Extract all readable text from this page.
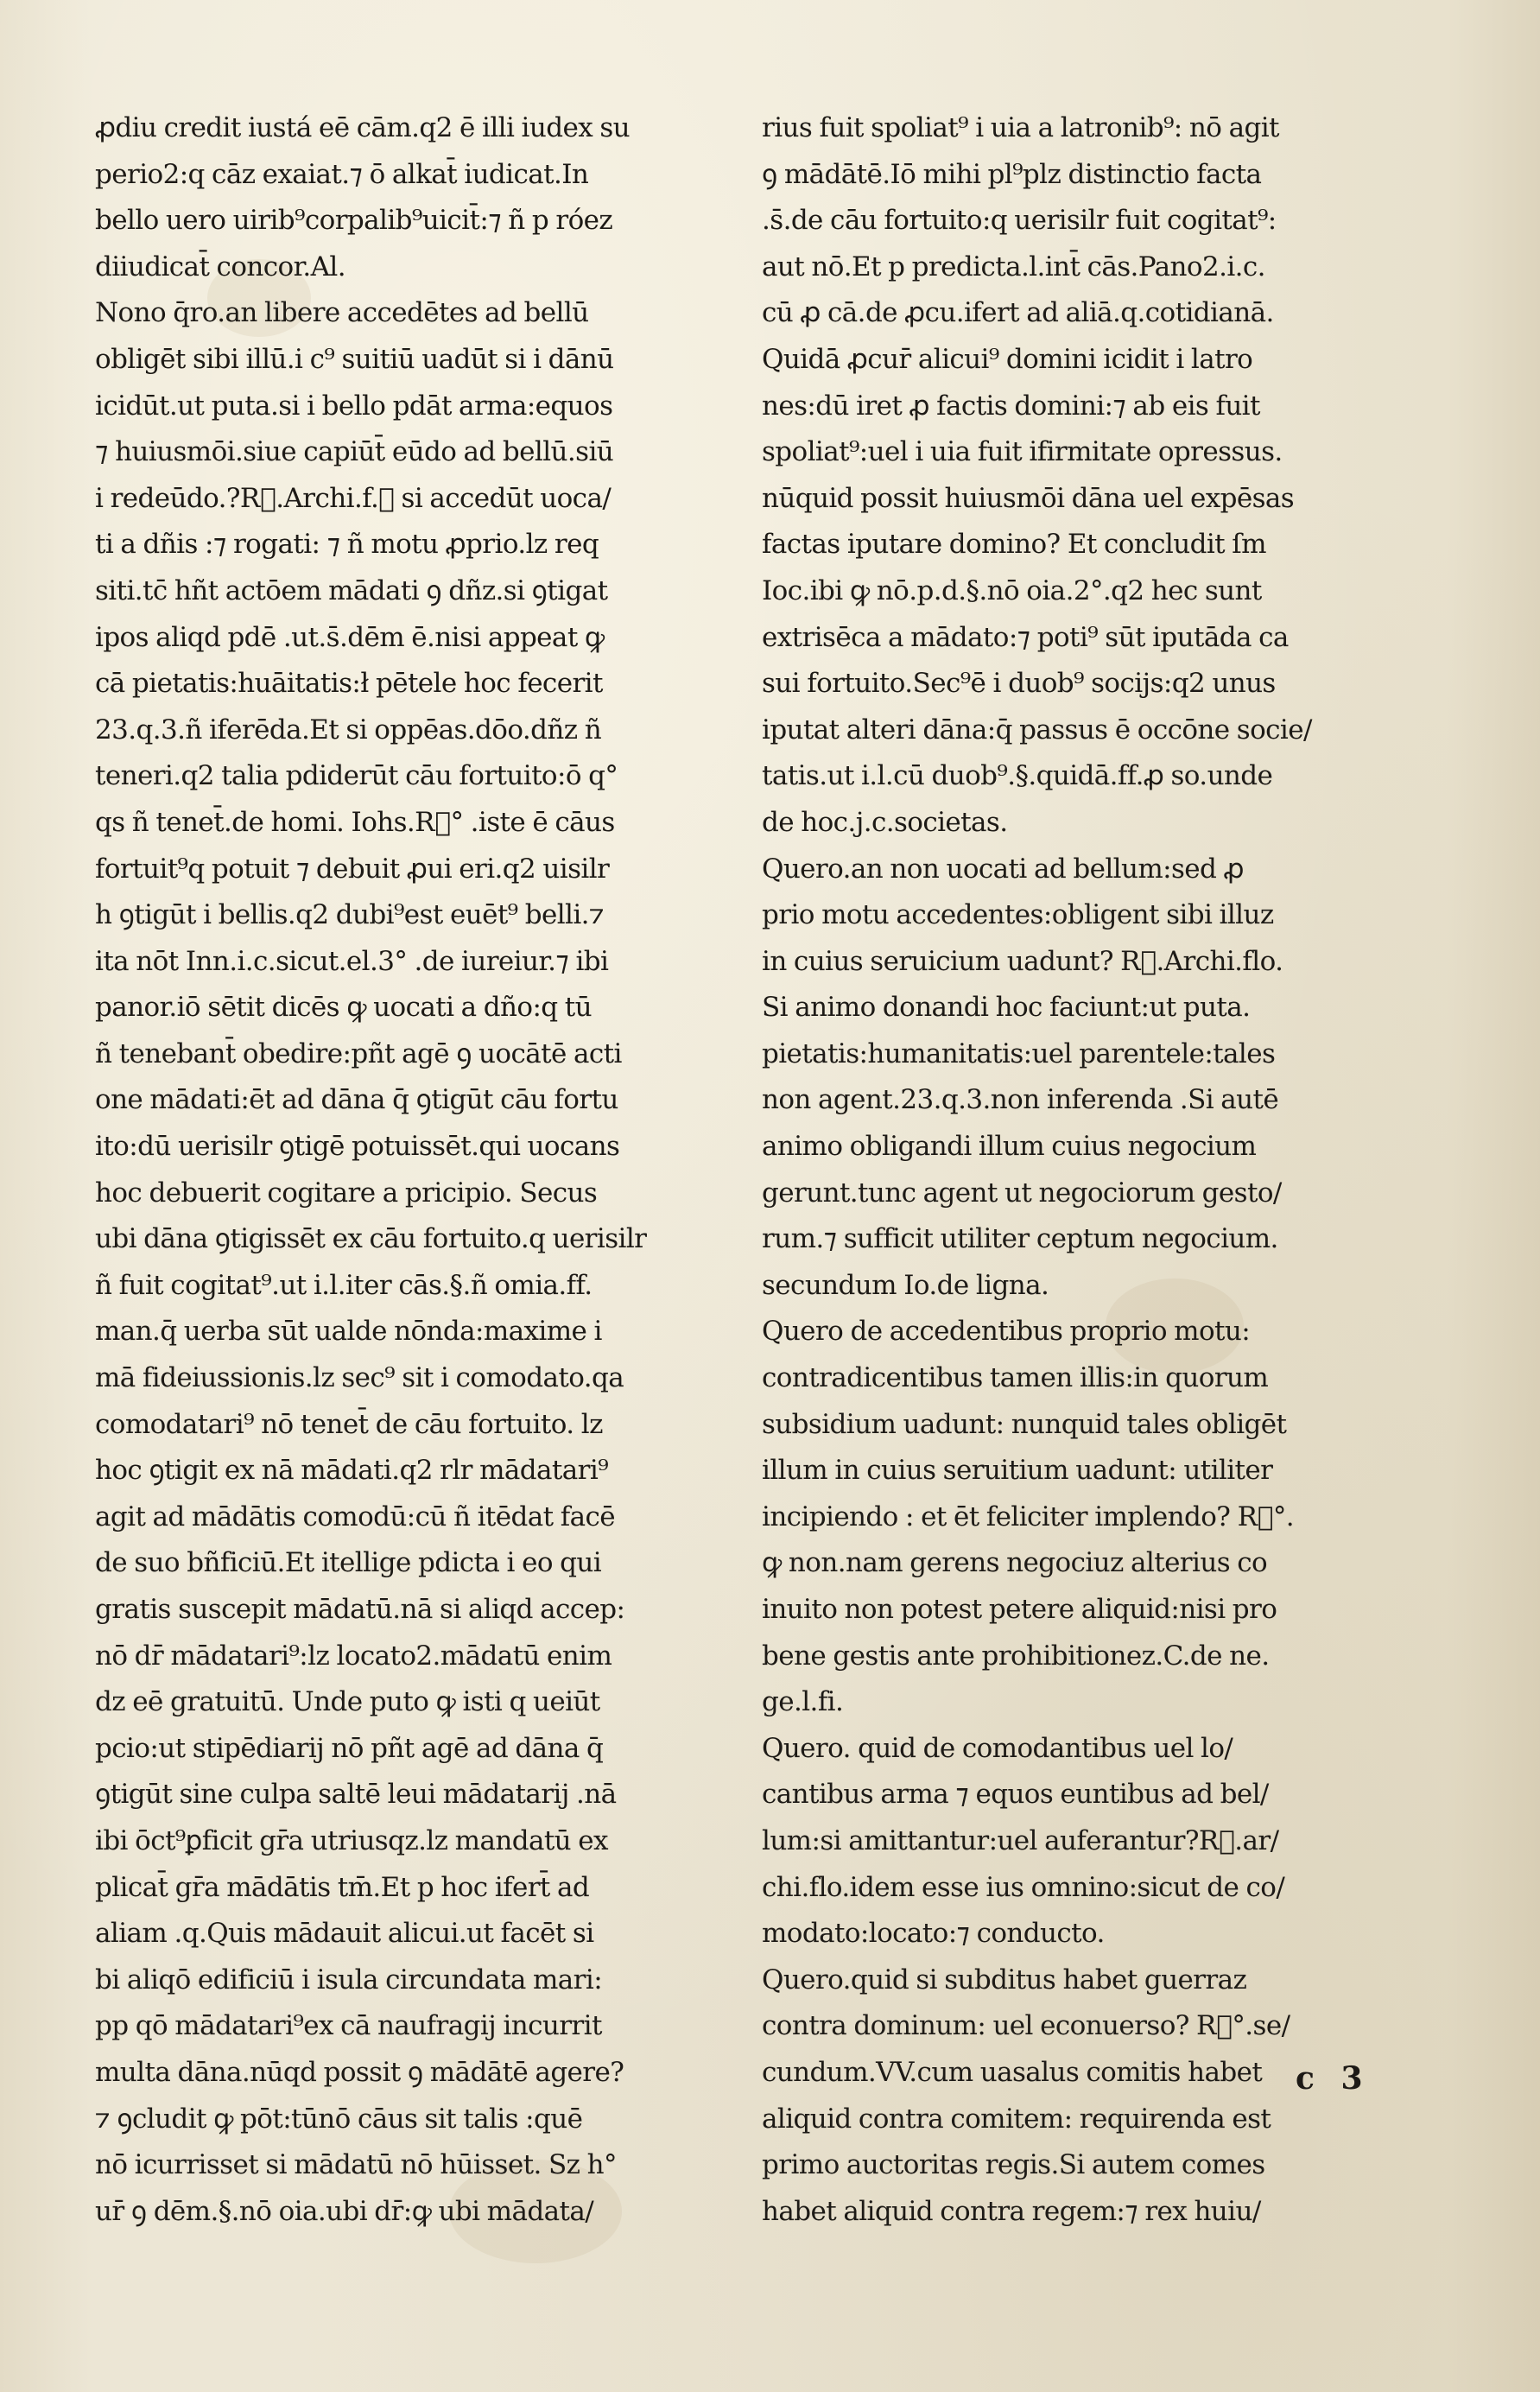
ꝓdiu credit iustá eē cām.q2 ē illi iudex su
perio2:q cāz exaiat.⁊ ō alkat̄ iudicat.In
bello uero uirib⁹corpalib⁹uicit̄:⁊ ñ p róez
diiudicat̄ concor.Al.
Nono q̄ro.an libere accedētes ad bellū
obligēt sibi illū.i c⁹ suitiū uadūt si i dānū
icidūt.ut puta.si i bello pdāt arma:equos
⁊ huiusmōi.siue capiūt̄ eūdo ad bellū.siū
i redeūdo.?Rᷓ.Archi.f.ꝙ si accedūt uoca/
ti a dñis :⁊ rogati: ⁊ ñ motu ꝓprio.lz req
siti.tc̄ hñt actōem mādati ꝯ dñz.si ꝯtigat
ipos aliqd pdē .ut.s̄.dēm ē.nisi appeat ꝙ
cā pietatis:huāitatis:ł pētele hoc fecerit
23.q.3.ñ iferēda.Et si oppēas.dōo.dñz ñ
teneri.q2 talia pdiderūt cāu fortuito:ō q°
qs ñ tenet̄.de homi. Iohs.Rᷓ° .iste ē cāus
fortuit⁹q potuit ⁊ debuit ꝓui eri.q2 uisilr
h ꝯtigūt i bellis.q2 dubi⁹est euēt⁹ belli.⁊
ita nōt Inn.i.c.sicut.el.3° .de iureiur.⁊ ibi
panor.iō sētit dicēs ꝙ uocati a dño:q tū
ñ tenebant̄ obedire:pñt agē ꝯ uocātē acti
one mādati:ēt ad dāna q̄ ꝯtigūt cāu fortu
ito:dū uerisilr ꝯtigē potuissēt.qui uocans
hoc debuerit cogitare a pricipio. Secus
ubi dāna ꝯtigissēt ex cāu fortuito.q uerisilr
ñ fuit cogitat⁹.ut i.l.iter cās.§.ñ omia.ff.
man.q̄ uerba sūt ualde nōnda:maxime i
mā fideiussionis.lz sec⁹ sit i comodato.qa
comodatari⁹ nō tenet̄ de cāu fortuito. lz
hoc ꝯtigit ex nā mādati.q2 rlr mādatari⁹
agit ad mādātis comodū:cū ñ itēdat facē
de suo bñficiū.Et itellige pdicta i eo qui
gratis suscepit mādatū.nā si aliqd accep:
nō dr̄ mādatari⁹:lz locato2.mādatū enim
dz eē gratuitū. Unde puto ꝙ isti q ueiūt
pcio:ut stipēdiarij nō pñt agē ad dāna q̄
ꝯtigūt sine culpa saltē leui mādatarij .nā
ibi ōct⁹ꝑficit gr̄a utriusqz.lz mandatū ex
plicat̄ gr̄a mādātis tm̄.Et p hoc ifert̄ ad
aliam .q.Quis mādauit alicui.ut facēt si
bi aliqō edificiū i isula circundata mari:
pp qō mādatari⁹ex cā naufragij incurrit
multa dāna.nūqd possit ꝯ mādātē agere?
⁊ ꝯcludit ꝙ pōt:tūnō cāus sit talis :quē
nō icurrisset si mādatū nō hūisset. Sz h°
ur̄ ꝯ dēm.§.nō oia.ubi dr̄:ꝙ ubi mādata/
rius fuit spoliat⁹ i uia a latronib⁹: nō agit
ꝯ mādātē.Iō mihi pl⁹plz distinctio facta
.s̄.de cāu fortuito:q uerisilr fuit cogitat⁹:
aut nō.Et p predicta.l.int̄ cās.Pano2.i.c.
cū ꝓ cā.de ꝓcu.ifert ad aliā.q.cotidianā.
Quidā ꝓcur̄ alicui⁹ domini icidit i latro
nes:dū iret ꝓ factis domini:⁊ ab eis fuit
spoliat⁹:uel i uia fuit ifirmitate opressus.
nūquid possit huiusmōi dāna uel expēsas
factas iputare domino? Et concludit ſm
Ioc.ibi ꝙ nō.p.d.§.nō oia.2°.q2 hec sunt
extrisēca a mādato:⁊ poti⁹ sūt iputāda ca
sui fortuito.Sec⁹ē i duob⁹ socijs:q2 unus
iputat alteri dāna:q̄ passus ē occōne socie/
tatis.ut i.l.cū duob⁹.§.quidā.ff.ꝓ so.unde
de hoc.j.c.societas.
Quero.an non uocati ad bellum:sed ꝓ
prio motu accedentes:obligent sibi illuz
in cuius seruicium uadunt? Rᷓ.Archi.flo.
Si animo donandi hoc faciunt:ut puta.
pietatis:humanitatis:uel parentele:tales
non agent.23.q.3.non inferenda .Si autē
animo obligandi illum cuius negocium
gerunt.tunc agent ut negociorum gesto/
rum.⁊ sufficit utiliter ceptum negocium.
secundum Io.de ligna.
Quero de accedentibus proprio motu:
contradicentibus tamen illis:in quorum
subsidium uadunt: nunquid tales obligēt
illum in cuius seruitium uadunt: utiliter
incipiendo : et ēt feliciter implendo? Rᷓ°.
ꝙ non.nam gerens negociuz alterius co
inuito non potest petere aliquid:nisi pro
bene gestis ante prohibitionez.C.de ne.
ge.l.fi.
Quero. quid de comodantibus uel lo/
cantibus arma ⁊ equos euntibus ad bel/
lum:si amittantur:uel auferantur?Rᷓ.ar/
chi.flo.idem esse ius omnino:sicut de co/
modato:locato:⁊ conducto.
Quero.quid si subditus habet guerraz
contra dominum: uel econuerso? Rᷓ°.se/
cundum.VV.cum uasalus comitis habet
aliquid contra comitem: requirenda est
primo auctoritas regis.Si autem comes
habet aliquid contra regem:⁊ rex huiu/
c 3
